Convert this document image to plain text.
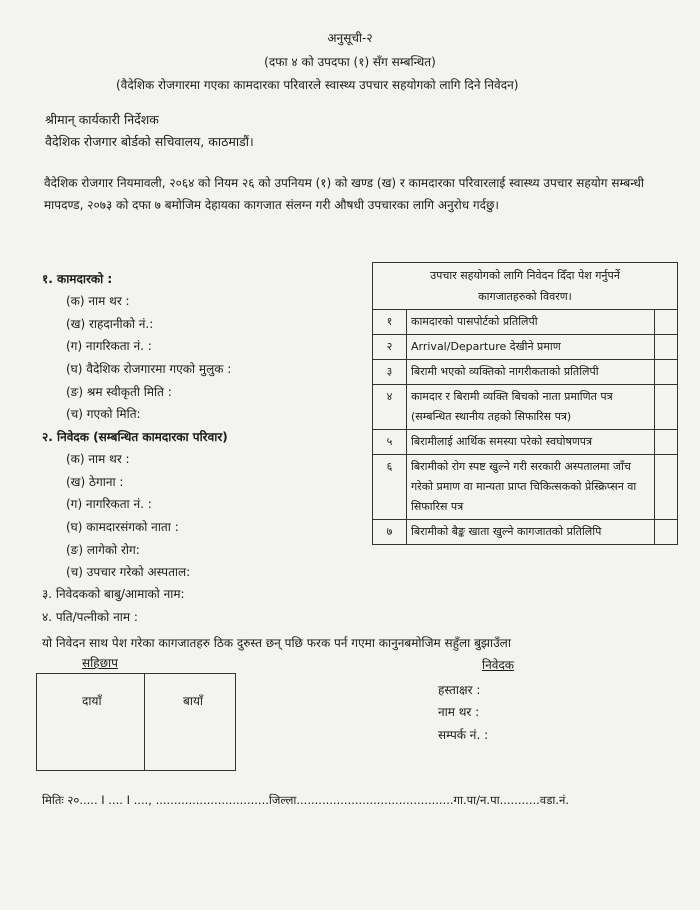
अनुसूची-२
(दफा ४ को उपदफा (१) सँग सम्बन्धित)
(वैदेशिक रोजगारमा गएका कामदारका परिवारले स्वास्थ्य उपचार सहयोगको लागि दिने निवेदन)
श्रीमान् कार्यकारी निर्देशक
वैदेशिक रोजगार बोर्डको सचिवालय, काठमाडौं।
वैदेशिक रोजगार नियमावली, २०६४ को नियम २६ को उपनियम (१) को खण्ड (ख) र कामदारका परिवारलाई स्वास्थ्य उपचार सहयोग सम्बन्धी मापदण्ड, २०७३ को दफा ७ बमोजिम देहायका कागजात संलग्न गरी औषधी उपचारका लागि अनुरोध गर्दछु।
१. कामदारको :
(क) नाम थर :
(ख) राहदानीको नं.:
(ग) नागरिकता नं. :
(घ) वैदेशिक रोजगारमा गएको मुलुक :
(ङ) श्रम स्वीकृती मिति :
(च) गएको मिति:
२. निवेदक (सम्बन्धित कामदारका परिवार)
(क) नाम थर :
(ख) ठेगाना :
(ग) नागरिकता नं. :
(घ) कामदारसंगको नाता :
(ङ) लागेको रोग:
(च) उपचार गरेको अस्पताल:
३. निवेदकको बाबु/आमाको नाम:
४. पति/पत्नीको नाम :
यो निवेदन साथ पेश गरेका कागजातहरु ठिक दुरुस्त छन् पछि फरक पर्न गएमा कानुनबमोजिम सहुँला बुझाउँला
उपचार सहयोगको लागि निवेदन दिँदा पेश गर्नुपर्ने
कागजातहरुको विवरण।		

१	कामदारको पासपोर्टको प्रतिलिपी	
२	Arrival/Departure देखीने प्रमाण	
३	बिरामी भएको व्यक्तिको नागरीकताको प्रतिलिपी	
४	कामदार र बिरामी व्यक्ति बिचको नाता प्रमाणित पत्र (सम्बन्धित स्थानीय तहको सिफारिस पत्र)	
५	बिरामीलाई आर्थिक समस्या परेको स्वघोषणपत्र	
६	बिरामीको रोग स्पष्ट खुल्ने गरी सरकारी अस्पतालमा जाँच गरेको प्रमाण वा मान्यता प्राप्त चिकित्सकको प्रेस्क्रिप्सन वा सिफारिस पत्र	
७	बिरामीको बैङ्क खाता खुल्ने कागजातको प्रतिलिपि	
सहिछाप
दायाँ	बायाँ
निवेदक
हस्ताक्षर :
नाम थर :
सम्पर्क नं. :
मितिः २०..... I .... I ...., ...............................जिल्ला...........................................गा.पा/न.पा...........वडा.नं.
